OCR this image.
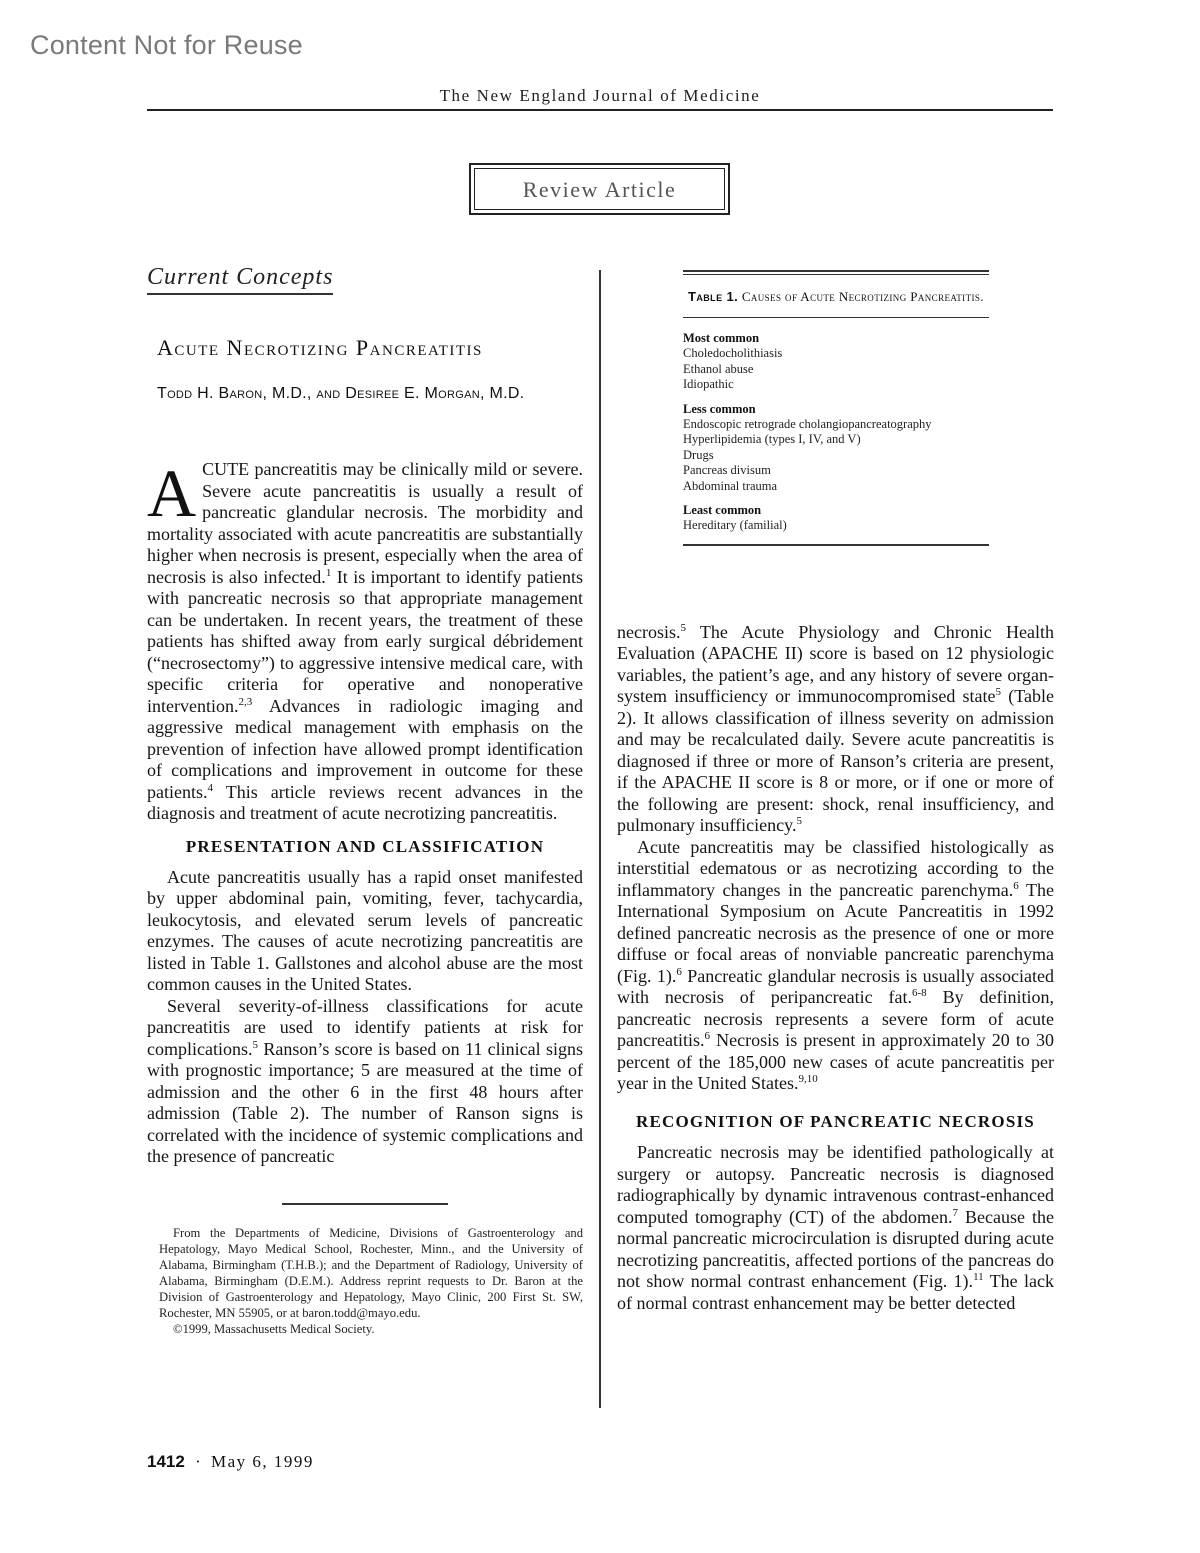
Content Not for Reuse
The New England Journal of Medicine
Review Article
Current Concepts
Acute Necrotizing Pancreatitis
Todd H. Baron, M.D., and Desiree E. Morgan, M.D.

ACUTE pancreatitis may be clinically mild or severe. Severe acute pancreatitis is usually a result of pancreatic glandular necrosis. The morbidity and mortality associated with acute pancreatitis are substantially higher when necrosis is present, especially when the area of necrosis is also infected.$^1$ It is important to identify patients with pancreatic necrosis so that appropriate management can be undertaken. In recent years, the treatment of these patients has shifted away from early surgical débridement (“necrosectomy”) to aggressive intensive medical care, with specific criteria for operative and nonoperative intervention.$^{2,3}$ Advances in radiologic imaging and aggressive medical management with emphasis on the prevention of infection have allowed prompt identification of complications and improvement in outcome for these patients.$^4$ This article reviews recent advances in the diagnosis and treatment of acute necrotizing pancreatitis.

PRESENTATION AND CLASSIFICATION

Acute pancreatitis usually has a rapid onset manifested by upper abdominal pain, vomiting, fever, tachycardia, leukocytosis, and elevated serum levels of pancreatic enzymes. The causes of acute necrotizing pancreatitis are listed in Table 1. Gallstones and alcohol abuse are the most common causes in the United States.

Several severity-of-illness classifications for acute pancreatitis are used to identify patients at risk for complications.$^5$ Ranson’s score is based on 11 clinical signs with prognostic importance; 5 are measured at the time of admission and the other 6 in the first 48 hours after admission (Table 2). The number of Ranson signs is correlated with the incidence of systemic complications and the presence of pancreatic

From the Departments of Medicine, Divisions of Gastroenterology and Hepatology, Mayo Medical School, Rochester, Minn., and the University of Alabama, Birmingham (T.H.B.); and the Department of Radiology, University of Alabama, Birmingham (D.E.M.). Address reprint requests to Dr. Baron at the Division of Gastroenterology and Hepatology, Mayo Clinic, 200 First St. SW, Rochester, MN 55905, or at baron.todd@mayo.edu.

©1999, Massachusetts Medical Society.

Table 1. Causes of Acute Necrotizing Pancreatitis.
Most common
Choledocholithiasis
Ethanol abuse
Idiopathic
Less common
Endoscopic retrograde cholangiopancreatography
Hyperlipidemia (types I, IV, and V)
Drugs
Pancreas divisum
Abdominal trauma
Least common
Hereditary (familial)

necrosis.$^5$ The Acute Physiology and Chronic Health Evaluation (APACHE II) score is based on 12 physiologic variables, the patient’s age, and any history of severe organ-system insufficiency or immunocompromised state$^5$ (Table 2). It allows classification of illness severity on admission and may be recalculated daily. Severe acute pancreatitis is diagnosed if three or more of Ranson’s criteria are present, if the APACHE II score is 8 or more, or if one or more of the following are present: shock, renal insufficiency, and pulmonary insufficiency.$^5$

Acute pancreatitis may be classified histologically as interstitial edematous or as necrotizing according to the inflammatory changes in the pancreatic parenchyma.$^6$ The International Symposium on Acute Pancreatitis in 1992 defined pancreatic necrosis as the presence of one or more diffuse or focal areas of nonviable pancreatic parenchyma (Fig. 1).$^6$ Pancreatic glandular necrosis is usually associated with necrosis of peripancreatic fat.$^{6-8}$ By definition, pancreatic necrosis represents a severe form of acute pancreatitis.$^6$ Necrosis is present in approximately 20 to 30 percent of the 185,000 new cases of acute pancreatitis per year in the United States.$^{9,10}$

RECOGNITION OF PANCREATIC NECROSIS

Pancreatic necrosis may be identified pathologically at surgery or autopsy. Pancreatic necrosis is diagnosed radiographically by dynamic intravenous contrast-enhanced computed tomography (CT) of the abdomen.$^7$ Because the normal pancreatic microcirculation is disrupted during acute necrotizing pancreatitis, affected portions of the pancreas do not show normal contrast enhancement (Fig. 1).$^{11}$ The lack of normal contrast enhancement may be better detected

1412 · May 6, 1999
